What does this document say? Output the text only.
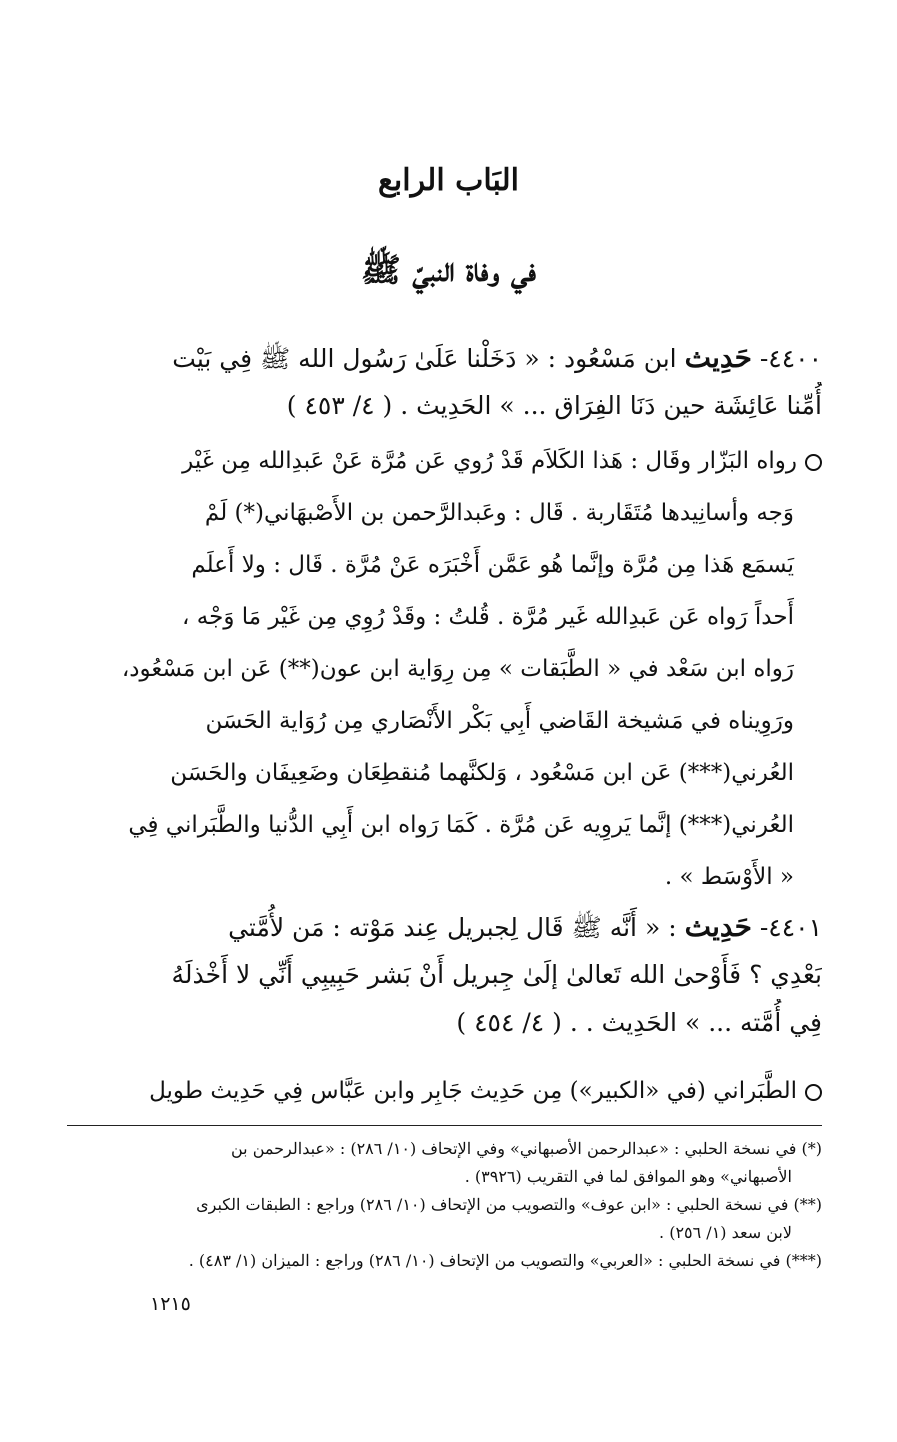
البَاب الرابع
في وفاة النبيّ ﷺ
٤٤٠٠- حَدِيث ابن مَسْعُود : « دَخَلْنا عَلَىٰ رَسُول الله ﷺ فِي بَيْت
أُمِّنا عَائِشَة حين دَنَا الفِرَاق ... » الحَدِيث ( ٤/ ٤٥٣ ) .
رواه البَزّار وقَال : هَذا الكَلاَم قَدْ رُوي عَن مُرَّة عَنْ عَبدِالله مِن غَيْر
وَجه وأسانِيدها مُتَقَاربة . قَال : وعَبدالرَّحمن بن الأَصْبهَاني(*) لَمْ
يَسمَع هَذا مِن مُرَّة وإنَّما هُو عَمَّن أَخْبَرَه عَنْ مُرَّة . قَال : ولا أَعلَم
أَحداً رَواه عَن عَبدِالله غَير مُرَّة . قُلتُ : وقَدْ رُوِي مِن غَيْر مَا وَجْه ،
رَواه ابن سَعْد في « الطَّبَقات » مِن رِوَاية ابن عون(**) عَن ابن مَسْعُود،
ورَوِيناه في مَشيخة القَاضي أَبِي بَكْر الأَنْصَاري مِن رُوَاية الحَسَن
العُرني(***) عَن ابن مَسْعُود ، وَلكنَّهما مُنقطِعَان وضَعِيفَان والحَسَن
العُرني(***) إنَّما يَروِيه عَن مُرَّة . كَمَا رَواه ابن أَبِي الدُّنيا والطَّبَراني فِي
« الأَوْسَط » .
٤٤٠١- حَدِيث : « أَنَّه ﷺ قَال لِجبريل عِند مَوْته : مَن لأُمَّتي
بَعْدِي ؟ فَأَوْحىٰ الله تَعالىٰ إلَىٰ جِبريل أَنْ بَشر حَبِيبِي أَنِّي لا أَخْذلَهُ
فِي أُمَّته ... » الحَدِيث . ( ٤/ ٤٥٤ ) .
الطَّبَراني (في «الكبير») مِن حَدِيث جَابِر وابن عَبَّاس فِي حَدِيث طويل
(*) في نسخة الحلبي : «عبدالرحمن الأصبهاني» وفي الإتحاف (١٠/ ٢٨٦) : «عبدالرحمن بن
الأصبهاني» وهو الموافق لما في التقريب (٣٩٢٦) .
(**) في نسخة الحلبي : «ابن عوف» والتصويب من الإتحاف (١٠/ ٢٨٦) وراجع : الطبقات الكبرى
لابن سعد (١/ ٢٥٦) .
(***) في نسخة الحلبي : «العربي» والتصويب من الإتحاف (١٠/ ٢٨٦) وراجع : الميزان (١/ ٤٨٣) .
١٢١٥
